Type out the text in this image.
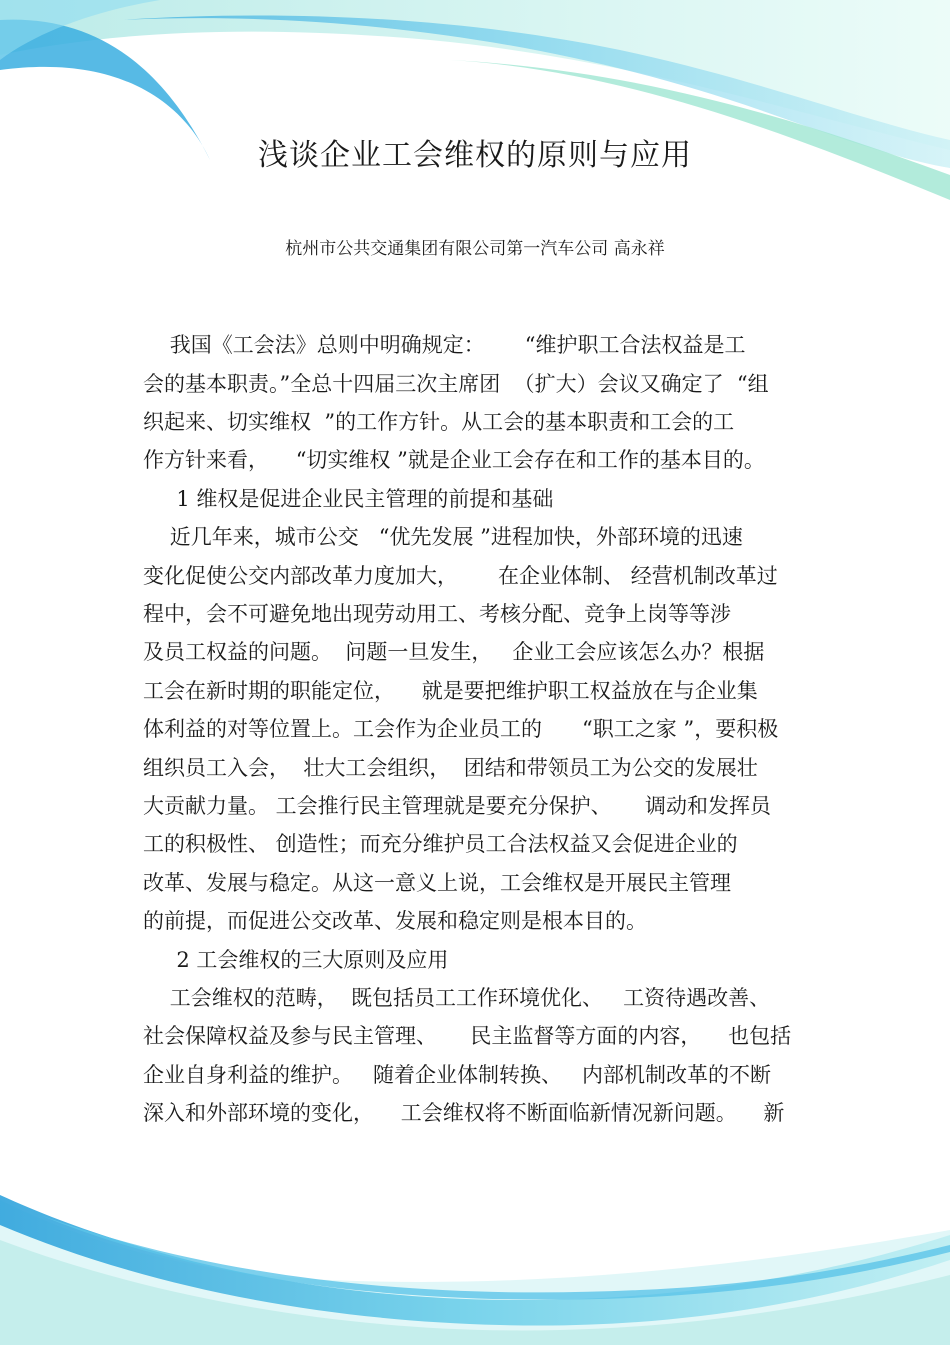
浅谈企业工会维权的原则与应用
杭州市公共交通集团有限公司第一汽车公司 高永祥
我国《工会法》总则中明确规定：      “维护职工合法权益是工
会的基本职责。”全总十四届三次主席团  （扩大）会议又确定了  “组
织起来、切实维权  ”的工作方针。从工会的基本职责和工会的工
作方针来看，    “切实维权 ”就是企业工会存在和工作的基本目的。
1 维权是促进企业民主管理的前提和基础
近几年来，城市公交   “优先发展 ”进程加快，外部环境的迅速
变化促使公交内部改革力度加大，      在企业体制、 经营机制改革过
程中，会不可避免地出现劳动用工、考核分配、竞争上岗等等涉
及员工权益的问题。  问题一旦发生，   企业工会应该怎么办？根据
工会在新时期的职能定位，    就是要把维护职工权益放在与企业集
体利益的对等位置上。工会作为企业员工的      “职工之家 ”，要积极
组织员工入会，  壮大工会组织，  团结和带领员工为公交的发展壮
大贡献力量。 工会推行民主管理就是要充分保护、     调动和发挥员
工的积极性、 创造性；而充分维护员工合法权益又会促进企业的
改革、发展与稳定。从这一意义上说，工会维权是开展民主管理
的前提，而促进公交改革、发展和稳定则是根本目的。
2 工会维权的三大原则及应用
工会维权的范畴，  既包括员工工作环境优化、   工资待遇改善、
社会保障权益及参与民主管理、     民主监督等方面的内容，    也包括
企业自身利益的维护。   随着企业体制转换、   内部机制改革的不断
深入和外部环境的变化，    工会维权将不断面临新情况新问题。    新
